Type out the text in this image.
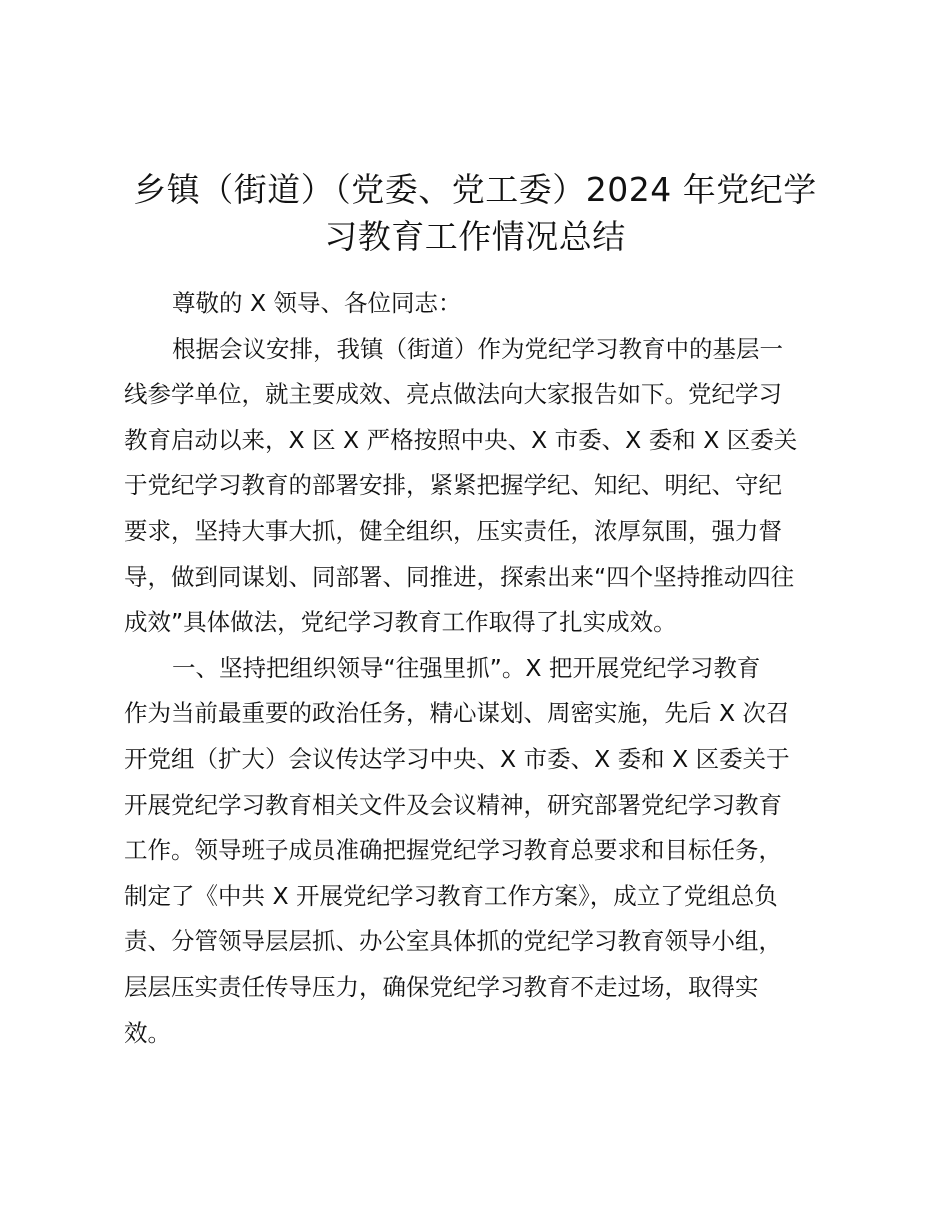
乡镇（街道）（党委、党工委）2024 年党纪学
习教育工作情况总结

尊敬的 X 领导、各位同志：

根据会议安排，我镇（街道）作为党纪学习教育中的基层一
线参学单位，就主要成效、亮点做法向大家报告如下。党纪学习
教育启动以来，X 区 X 严格按照中央、X 市委、X 委和 X 区委关
于党纪学习教育的部署安排，紧紧把握学纪、知纪、明纪、守纪
要求，坚持大事大抓，健全组织，压实责任，浓厚氛围，强力督
导，做到同谋划、同部署、同推进，探索出来“四个坚持推动四往
成效”具体做法，党纪学习教育工作取得了扎实成效。

一、坚持把组织领导“往强里抓”。X 把开展党纪学习教育
作为当前最重要的政治任务，精心谋划、周密实施，先后 X 次召
开党组（扩大）会议传达学习中央、X 市委、X 委和 X 区委关于
开展党纪学习教育相关文件及会议精神，研究部署党纪学习教育
工作。领导班子成员准确把握党纪学习教育总要求和目标任务，
制定了《中共 X 开展党纪学习教育工作方案》，成立了党组总负
责、分管领导层层抓、办公室具体抓的党纪学习教育领导小组，
层层压实责任传导压力，确保党纪学习教育不走过场，取得实
效。
